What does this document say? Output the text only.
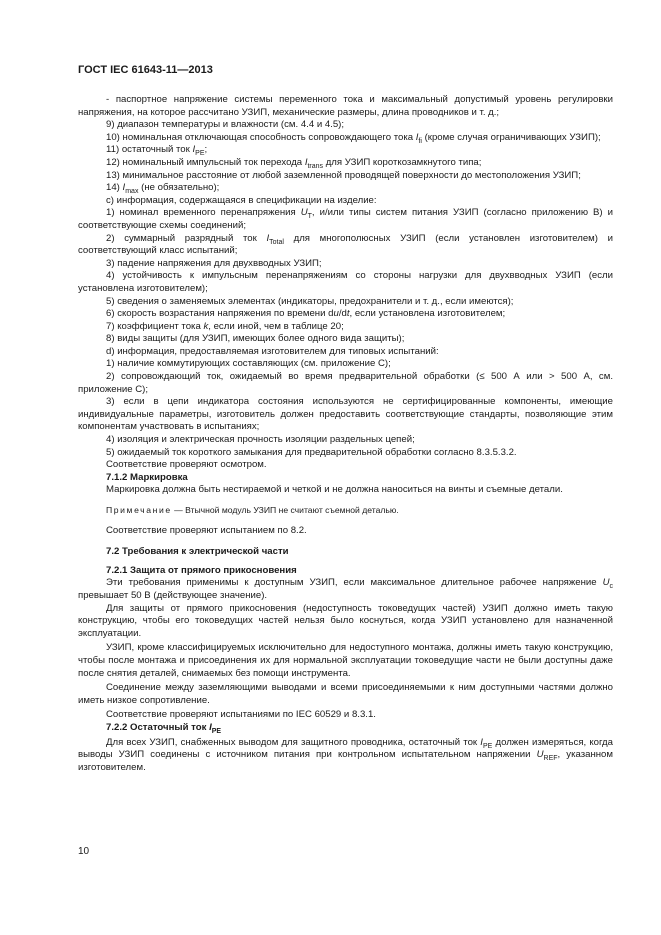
ГОСТ IEC 61643-11—2013

- паспортное напряжение системы переменного тока и максимальный допустимый уровень регулировки напряжения, на которое рассчитано УЗИП, механические размеры, длина проводников и т. д.;

9) диапазон температуры и влажности (см. 4.4 и 4.5);

10) номинальная отключающая способность сопровождающего тока $I_{fi}$ (кроме случая ограничивающих УЗИП);

11) остаточный ток $I_{PE}$;

12) номинальный импульсный ток перехода $I_{trans}$ для УЗИП короткозамкнутого типа;

13) минимальное расстояние от любой заземленной проводящей поверхности до местоположения УЗИП;

14) $I_{max}$ (не обязательно);

c) информация, содержащаяся в спецификации на изделие:

1) номинал временного перенапряжения $U_T$, и/или типы систем питания УЗИП (согласно приложению В) и соответствующие схемы соединений;

2) суммарный разрядный ток $I_{Total}$ для многополюсных УЗИП (если установлен изготовителем) и соответствующий класс испытаний;

3) падение напряжения для двухвводных УЗИП;

4) устойчивость к импульсным перенапряжениям со стороны нагрузки для двухвводных УЗИП (если установлена изготовителем);

5) сведения о заменяемых элементах (индикаторы, предохранители и т. д., если имеются);

6) скорость возрастания напряжения по времени du/dt, если установлена изготовителем;

7) коэффициент тока k, если иной, чем в таблице 20;

8) виды защиты (для УЗИП, имеющих более одного вида защиты);

d) информация, предоставляемая изготовителем для типовых испытаний:

1) наличие коммутирующих составляющих (см. приложение С);

2) сопровождающий ток, ожидаемый во время предварительной обработки (≤ 500 А или > 500 А, см. приложение С);

3) если в цепи индикатора состояния используются не сертифицированные компоненты, имеющие индивидуальные параметры, изготовитель должен предоставить соответствующие стандарты, позволяющие этим компонентам участвовать в испытаниях;

4) изоляция и электрическая прочность изоляции раздельных цепей;

5) ожидаемый ток короткого замыкания для предварительной обработки согласно 8.3.5.3.2.

Соответствие проверяют осмотром.

7.1.2 Маркировка

Маркировка должна быть нестираемой и четкой и не должна наноситься на винты и съемные детали.

Примечание — Втычной модуль УЗИП не считают съемной деталью.

Соответствие проверяют испытанием по 8.2.

7.2 Требования к электрической части

7.2.1 Защита от прямого прикосновения

Эти требования применимы к доступным УЗИП, если максимальное длительное рабочее напряжение $U_c$ превышает 50 В (действующее значение).

Для защиты от прямого прикосновения (недоступность токоведущих частей) УЗИП должно иметь такую конструкцию, чтобы его токоведущих частей нельзя было коснуться, когда УЗИП установлено для назначенной эксплуатации.

УЗИП, кроме классифицируемых исключительно для недоступного монтажа, должны иметь такую конструкцию, чтобы после монтажа и присоединения их для нормальной эксплуатации токоведущие части не были доступны даже после снятия деталей, снимаемых без помощи инструмента.

Соединение между заземляющими выводами и всеми присоединяемыми к ним доступными частями должно иметь низкое сопротивление.

Соответствие проверяют испытаниями по IEC 60529 и 8.3.1.

7.2.2 Остаточный ток $I_{PE}$

Для всех УЗИП, снабженных выводом для защитного проводника, остаточный ток $I_{PE}$ должен измеряться, когда выводы УЗИП соединены с источником питания при контрольном испытательном напряжении $U_{REF}$, указанном изготовителем.

10
